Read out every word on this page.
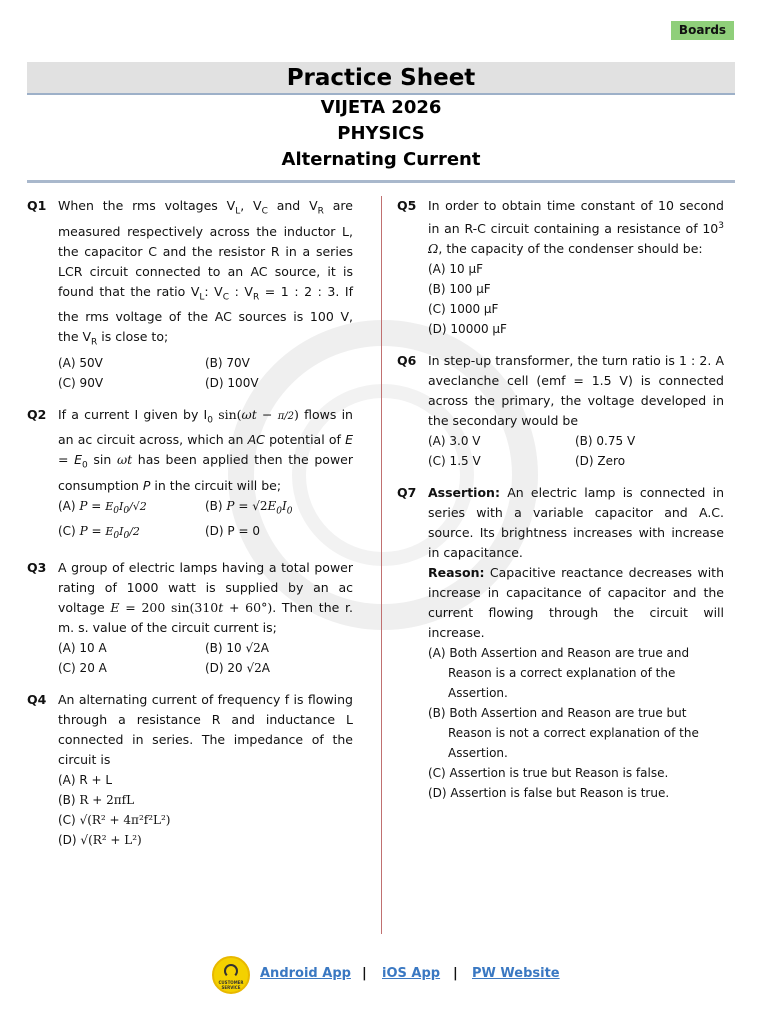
Boards
Practice Sheet
VIJETA 2026
PHYSICS
Alternating Current
Q1 When the rms voltages $V_L$, $V_C$ and $V_R$ are measured respectively across the inductor L, the capacitor C and the resistor R in a series LCR circuit connected to an AC source, it is found that the ratio $V_L$: $V_C$ : $V_R = 1$ : 2 : 3. If the rms voltage of the AC sources is 100 V, the $V_R$ is close to;
(A) 50V	(B) 70V
(C) 90V	(D) 100V
Q2 If a current I given by $I_0$ sin(ωt − π/2) flows in an ac circuit across, which an AC potential of $E = E_0$ sin ωt has been applied then the power consumption P in the circuit will be;
(A) $P = E_0I_0/√2$	(B) $P = √2E_0I_0$
(C) $P = E_0I_0/2$	(D) P = 0
Q3 A group of electric lamps having a total power rating of 1000 watt is supplied by an ac voltage E = 200 sin(310t + 60°). Then the r. m. s. value of the circuit current is;
(A) 10 A	(B) 10 √2A
(C) 20 A	(D) 20 √2A
Q4 An alternating current of frequency f is flowing through a resistance R and inductance L connected in series. The impedance of the circuit is
(A) R + L
(B) R + 2πfL
(C) √(R² + 4π²f²L²)
(D) √(R² + L²)
Q5 In order to obtain time constant of 10 second in an R-C circuit containing a resistance of $10^3$ Ω, the capacity of the condenser should be:
(A) 10 μF
(B) 100 μF
(C) 1000 μF
(D) 10000 μF
Q6 In step-up transformer, the turn ratio is 1 : 2. A aveclanche cell (emf = 1.5 V) is connected across the primary, the voltage developed in the secondary would be
(A) 3.0 V	(B) 0.75 V
(C) 1.5 V	(D) Zero
Q7 Assertion: An electric lamp is connected in series with a variable capacitor and A.C. source. Its brightness increases with increase in capacitance.
Reason: Capacitive reactance decreases with increase in capacitance of capacitor and the current flowing through the circuit will increase.
(A) Both Assertion and Reason are true and Reason is a correct explanation of the Assertion.
(B) Both Assertion and Reason are true but Reason is not a correct explanation of the Assertion.
(C) Assertion is true but Reason is false.
(D) Assertion is false but Reason is true.
CUSTOMER SERVICE
Android App | iOS App | PW Website
